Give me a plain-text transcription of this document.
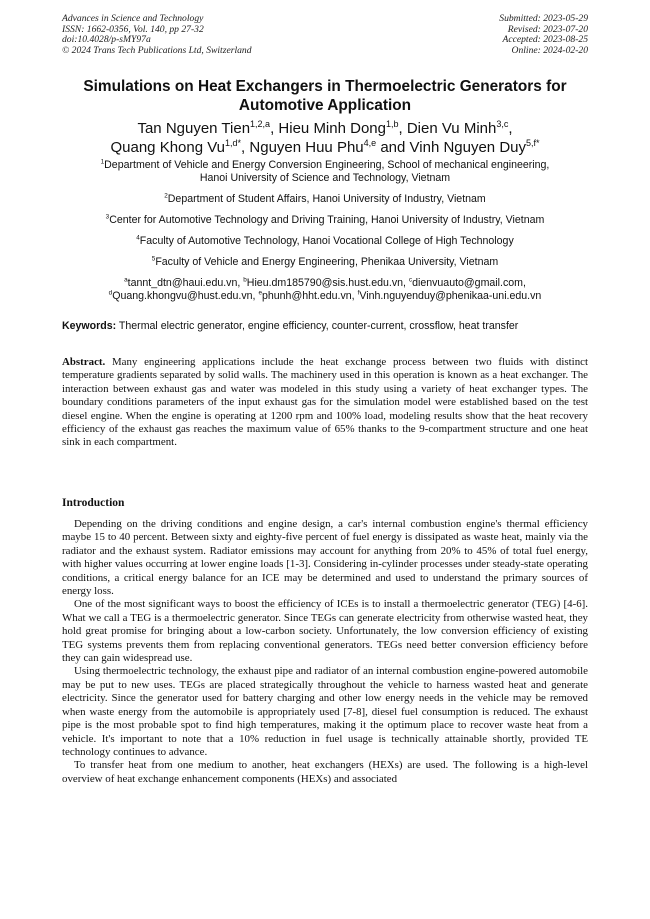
Advances in Science and Technology
ISSN: 1662-0356, Vol. 140, pp 27-32
doi:10.4028/p-sMY97a
© 2024 Trans Tech Publications Ltd, Switzerland
Submitted: 2023-05-29
Revised: 2023-07-20
Accepted: 2023-08-25
Online: 2024-02-20
Simulations on Heat Exchangers in Thermoelectric Generators for
Automotive Application
Tan Nguyen Tien$^{1,2,a}$, Hieu Minh Dong$^{1,b}$, Dien Vu Minh$^{3,c}$,
Quang Khong $Vu^{1,d*}$, Nguyen Huu Phu$^{4,e}$ and Vinh Nguyen Duy$^{5,f*}$
$^1$Department of Vehicle and Energy Conversion Engineering, School of mechanical engineering,
Hanoi University of Science and Technology, Vietnam
$^2$Department of Student Affairs, Hanoi University of Industry, Vietnam
$^3$Center for Automotive Technology and Driving Training, Hanoi University of Industry, Vietnam
$^4$Faculty of Automotive Technology, Hanoi Vocational College of High Technology
$^5$Faculty of Vehicle and Energy Engineering, Phenikaa University, Vietnam
$^a$tannt_dtn@haui.edu.vn, $^b$Hieu.dm185790@sis.hust.edu.vn, $^c$dienvuauto@gmail.com,
$^d$Quang.khongvu@hust.edu.vn, $^e$phunh@hht.edu.vn, $^f$Vinh.nguyenduy@phenikaa-uni.edu.vn
Keywords: Thermal electric generator, engine efficiency, counter-current, crossflow, heat transfer
Abstract. Many engineering applications include the heat exchange process between two fluids with distinct temperature gradients separated by solid walls. The machinery used in this operation is known as a heat exchanger. The interaction between exhaust gas and water was modeled in this study using a variety of heat exchanger types. The boundary conditions parameters of the input exhaust gas for the simulation model were established based on the test diesel engine. When the engine is operating at 1200 rpm and 100% load, modeling results show that the heat recovery efficiency of the exhaust gas reaches the maximum value of 65% thanks to the 9-compartment structure and one heat sink in each compartment.
Introduction

Depending on the driving conditions and engine design, a car's internal combustion engine's thermal efficiency maybe 15 to 40 percent. Between sixty and eighty-five percent of fuel energy is dissipated as waste heat, mainly via the radiator and the exhaust system. Radiator emissions may account for anything from 20% to 45% of total fuel energy, with higher values occurring at lower engine loads [1-3]. Considering in-cylinder processes under steady-state operating conditions, a critical energy balance for an ICE may be determined and used to understand the primary sources of energy loss.

One of the most significant ways to boost the efficiency of ICEs is to install a thermoelectric generator (TEG) [4-6]. What we call a TEG is a thermoelectric generator. Since TEGs can generate electricity from otherwise wasted heat, they hold great promise for bringing about a low-carbon society. Unfortunately, the low conversion efficiency of existing TEG systems prevents them from replacing conventional generators. TEGs need better conversion efficiency before they can gain widespread use.

Using thermoelectric technology, the exhaust pipe and radiator of an internal combustion engine-powered automobile may be put to new uses. TEGs are placed strategically throughout the vehicle to harness wasted heat and generate electricity. Since the generator used for battery charging and other low energy needs in the vehicle may be removed when waste energy from the automobile is appropriately used [7-8], diesel fuel consumption is reduced. The exhaust pipe is the most probable spot to find high temperatures, making it the optimum place to recover waste heat from a vehicle. It's important to note that a 10% reduction in fuel usage is technically attainable shortly, provided TE technology continues to advance.

To transfer heat from one medium to another, heat exchangers (HEXs) are used. The following is a high-level overview of heat exchange enhancement components (HEXs) and associated
